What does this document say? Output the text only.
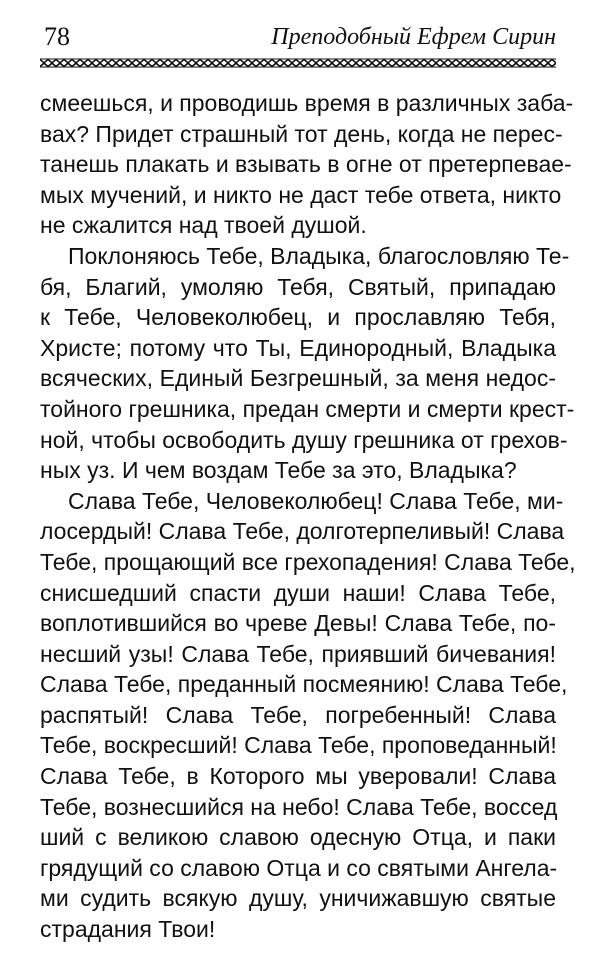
78	Преподобный Ефрем Сирин
смеешься, и проводишь время в различных заба-
вах? Придет страшный тот день, когда не перес-
танешь плакать и взывать в огне от претерпевае-
мых мучений, и никто не даст тебе ответа, никто
не сжалится над твоей душой.
Поклоняюсь Тебе, Владыка, благословляю Те-
бя, Благий, умоляю Тебя, Святый, припадаю
к Тебе, Человеколюбец, и прославляю Тебя,
Христе; потому что Ты, Единородный, Владыка
всяческих, Единый Безгрешный, за меня недос-
тойного грешника, предан смерти и смерти крест-
ной, чтобы освободить душу грешника от грехов-
ных уз. И чем воздам Тебе за это, Владыка?
Слава Тебе, Человеколюбец! Слава Тебе, ми-
лосердый! Слава Тебе, долготерпеливый! Слава
Тебе, прощающий все грехопадения! Слава Тебе,
снисшедший спасти души наши! Слава Тебе,
воплотившийся во чреве Девы! Слава Тебе, по-
несший узы! Слава Тебе, приявший бичевания!
Слава Тебе, преданный посмеянию! Слава Тебе,
распятый! Слава Тебе, погребенный! Слава
Тебе, воскресший! Слава Тебе, проповеданный!
Слава Тебе, в Которого мы уверовали! Слава
Тебе, вознесшийся на небо! Слава Тебе, воссед
ший с великою славою одесную Отца, и паки
грядущий со славою Отца и со святыми Ангела-
ми судить всякую душу, уничижавшую святые
страдания Твои!
